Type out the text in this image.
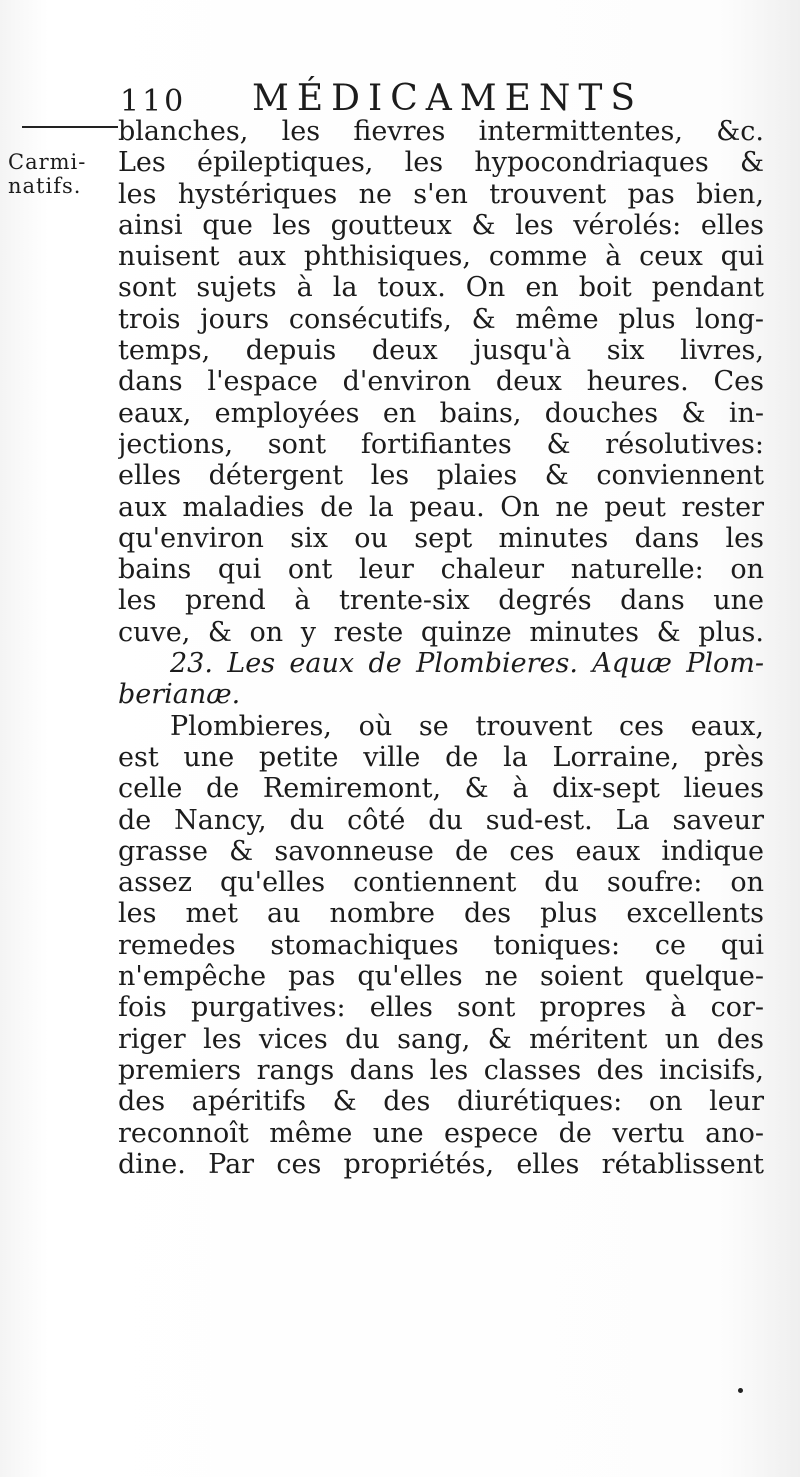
110 MÉDICAMENTS
Carmi-
natifs.
blanches, les fievres intermittentes, &c.
Les épileptiques, les hypocondriaques &
les hystériques ne s'en trouvent pas bien,
ainsi que les goutteux & les vérolés: elles
nuisent aux phthisiques, comme à ceux qui
sont sujets à la toux. On en boit pendant
trois jours consécutifs, & même plus long-
temps, depuis deux jusqu'à six livres,
dans l'espace d'environ deux heures. Ces
eaux, employées en bains, douches & in-
jections, sont fortifiantes & résolutives:
elles détergent les plaies & conviennent
aux maladies de la peau. On ne peut rester
qu'environ six ou sept minutes dans les
bains qui ont leur chaleur naturelle: on
les prend à trente-six degrés dans une
cuve, & on y reste quinze minutes & plus.
23. Les eaux de Plombieres. Aquæ Plom-
berianæ.
Plombieres, où se trouvent ces eaux,
est une petite ville de la Lorraine, près
celle de Remiremont, & à dix-sept lieues
de Nancy, du côté du sud-est. La saveur
grasse & savonneuse de ces eaux indique
assez qu'elles contiennent du soufre: on
les met au nombre des plus excellents
remedes stomachiques toniques: ce qui
n'empêche pas qu'elles ne soient quelque-
fois purgatives: elles sont propres à cor-
riger les vices du sang, & méritent un des
premiers rangs dans les classes des incisifs,
des apéritifs & des diurétiques: on leur
reconnoît même une espece de vertu ano-
dine. Par ces propriétés, elles rétablissent
